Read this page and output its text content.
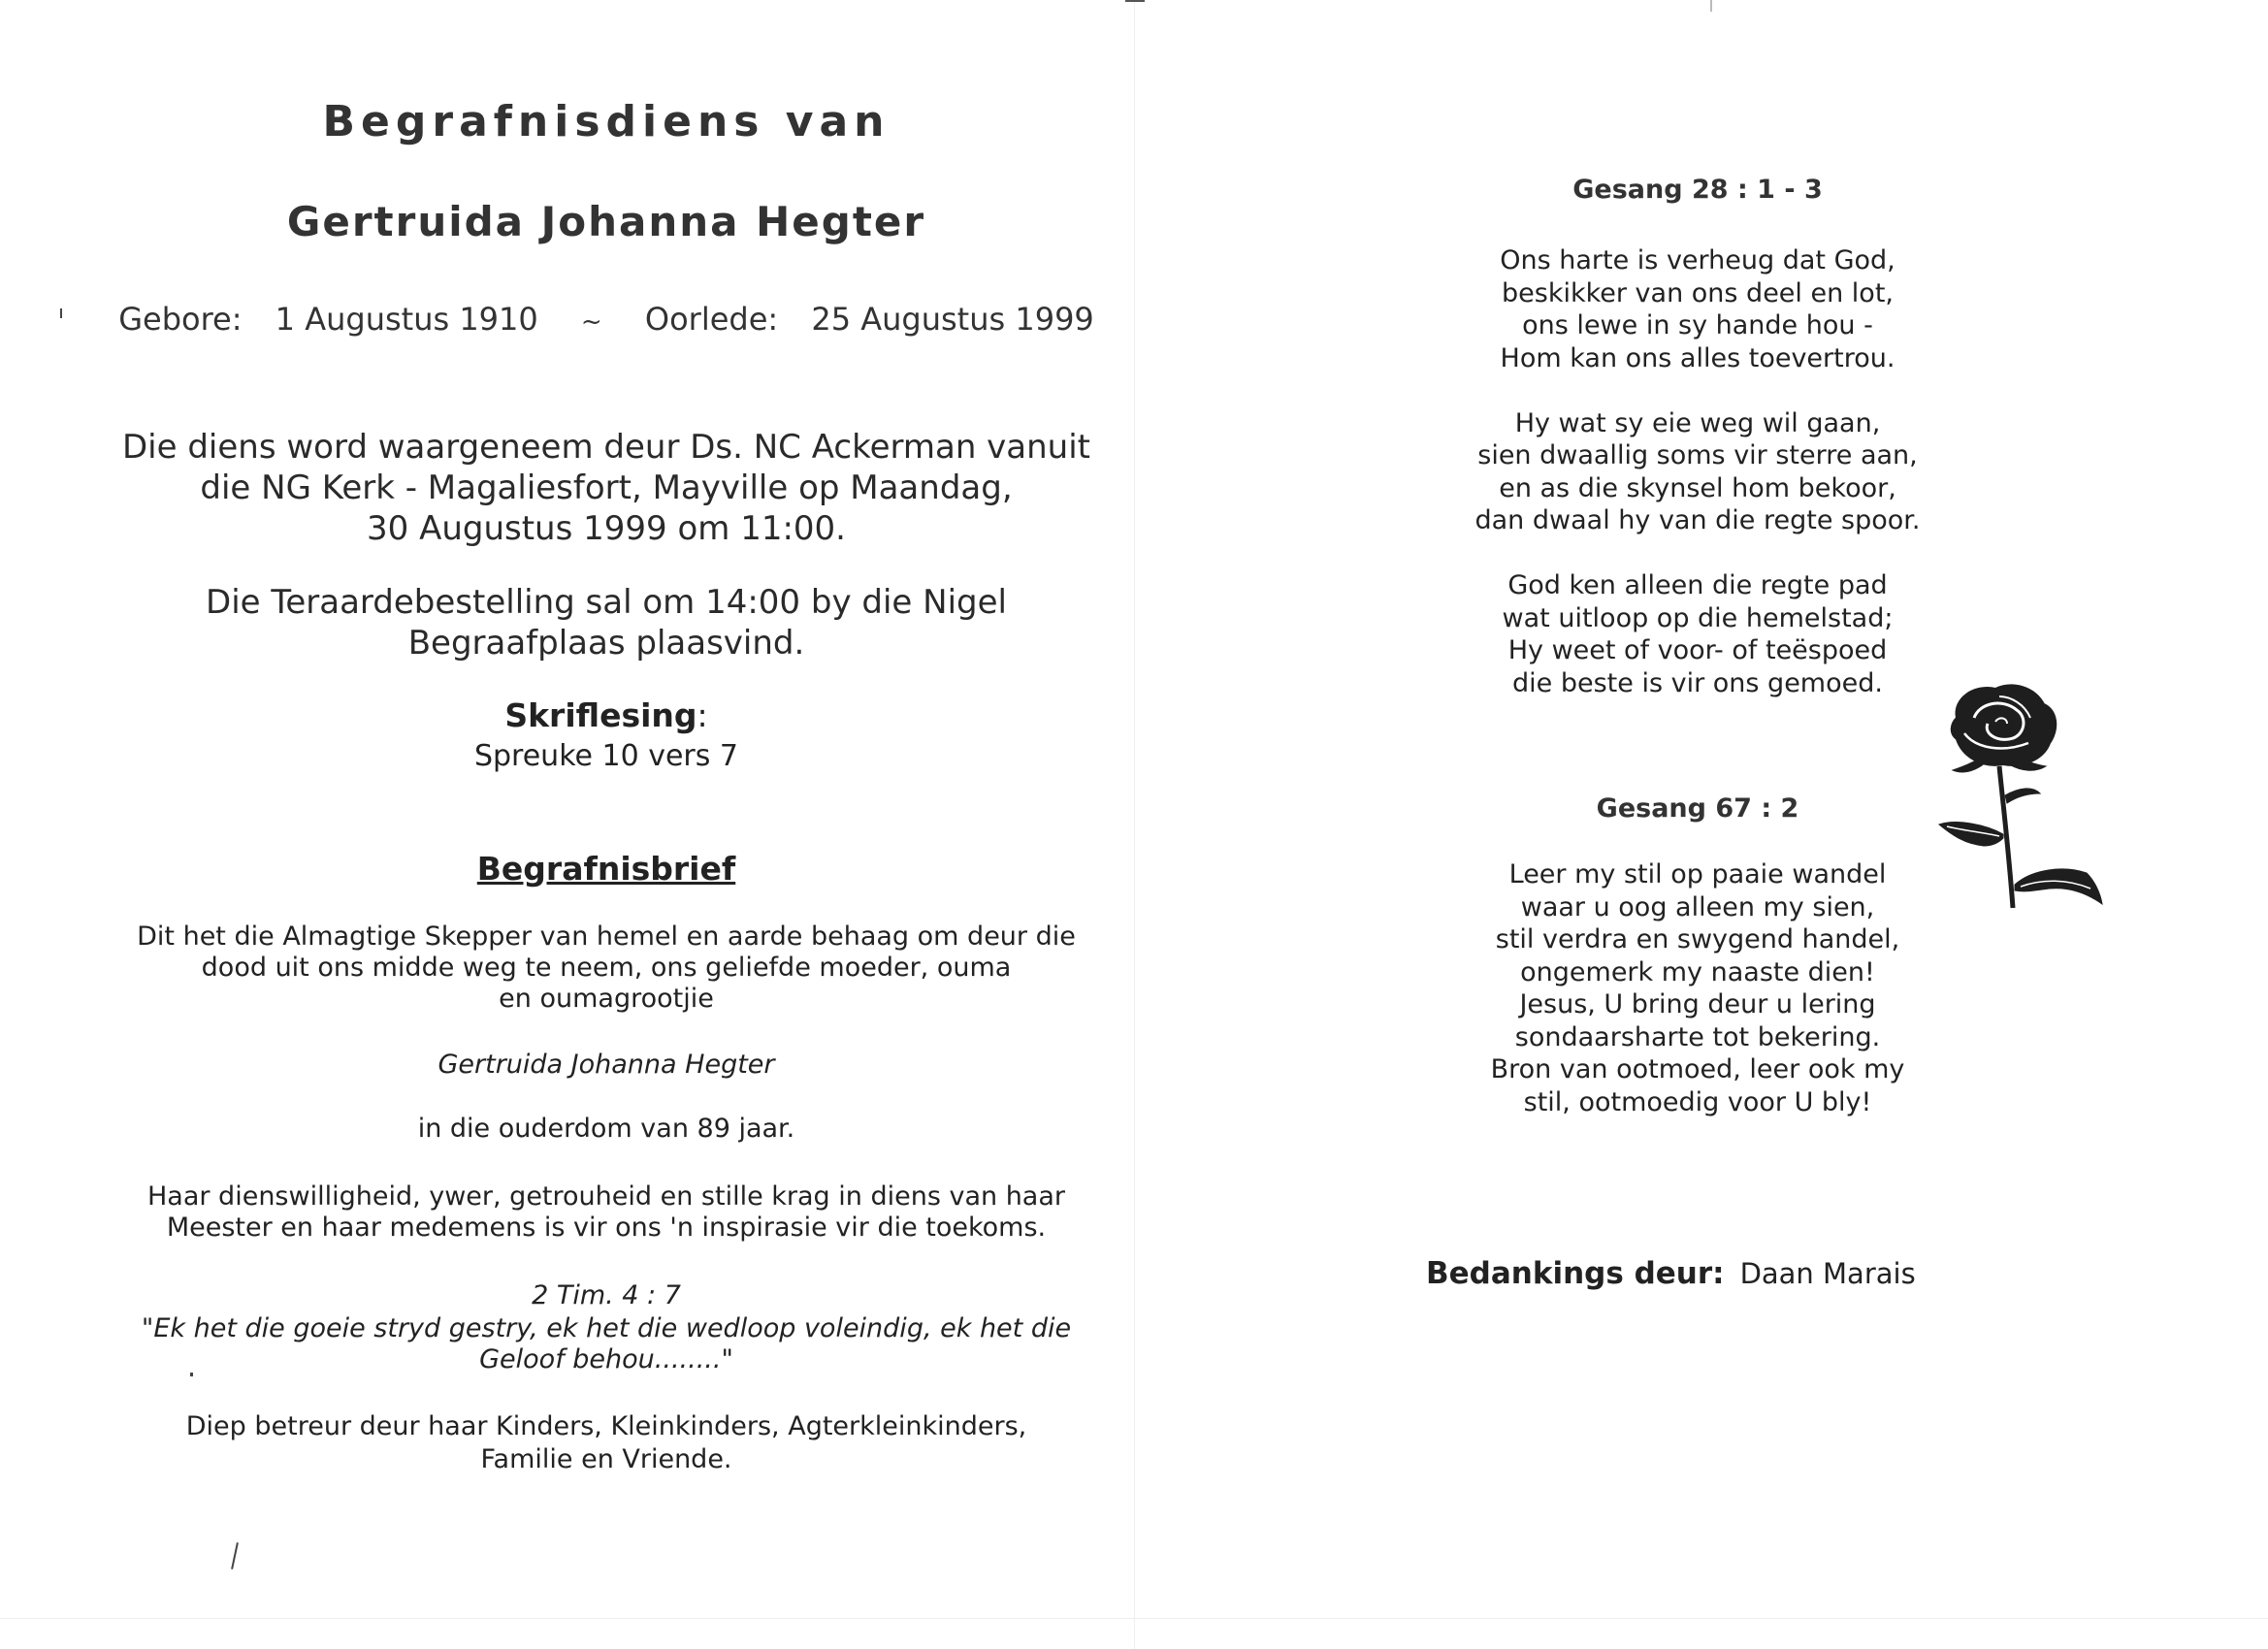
Begrafnisdiens van
Gertruida Johanna Hegter
Gebore: 1 Augustus 1910 ~ Oorlede: 25 Augustus 1999
Die diens word waargeneem deur Ds. NC Ackerman vanuit
die NG Kerk - Magaliesfort, Mayville op Maandag,
30 Augustus 1999 om 11:00.
Die Teraardebestelling sal om 14:00 by die Nigel
Begraafplaas plaasvind.
Skriflesing:
Spreuke 10 vers 7
Begrafnisbrief
Dit het die Almagtige Skepper van hemel en aarde behaag om deur die
dood uit ons midde weg te neem, ons geliefde moeder, ouma
en oumagrootjie
Gertruida Johanna Hegter
in die ouderdom van 89 jaar.
Haar dienswilligheid, ywer, getrouheid en stille krag in diens van haar
Meester en haar medemens is vir ons 'n inspirasie vir die toekoms.
2 Tim. 4 : 7
"Ek het die goeie stryd gestry, ek het die wedloop voleindig, ek het die
Geloof behou........"
Diep betreur deur haar Kinders, Kleinkinders, Agterkleinkinders,
Familie en Vriende.
Gesang 28 : 1 - 3
Ons harte is verheug dat God,
beskikker van ons deel en lot,
ons lewe in sy hande hou -
Hom kan ons alles toevertrou.
Hy wat sy eie weg wil gaan,
sien dwaallig soms vir sterre aan,
en as die skynsel hom bekoor,
dan dwaal hy van die regte spoor.
God ken alleen die regte pad
wat uitloop op die hemelstad;
Hy weet of voor- of teëspoed
die beste is vir ons gemoed.
Gesang 67 : 2
Leer my stil op paaie wandel
waar u oog alleen my sien,
stil verdra en swygend handel,
ongemerk my naaste dien!
Jesus, U bring deur u lering
sondaarsharte tot bekering.
Bron van ootmoed, leer ook my
stil, ootmoedig voor U bly!
Bedankings deur: Daan Marais
